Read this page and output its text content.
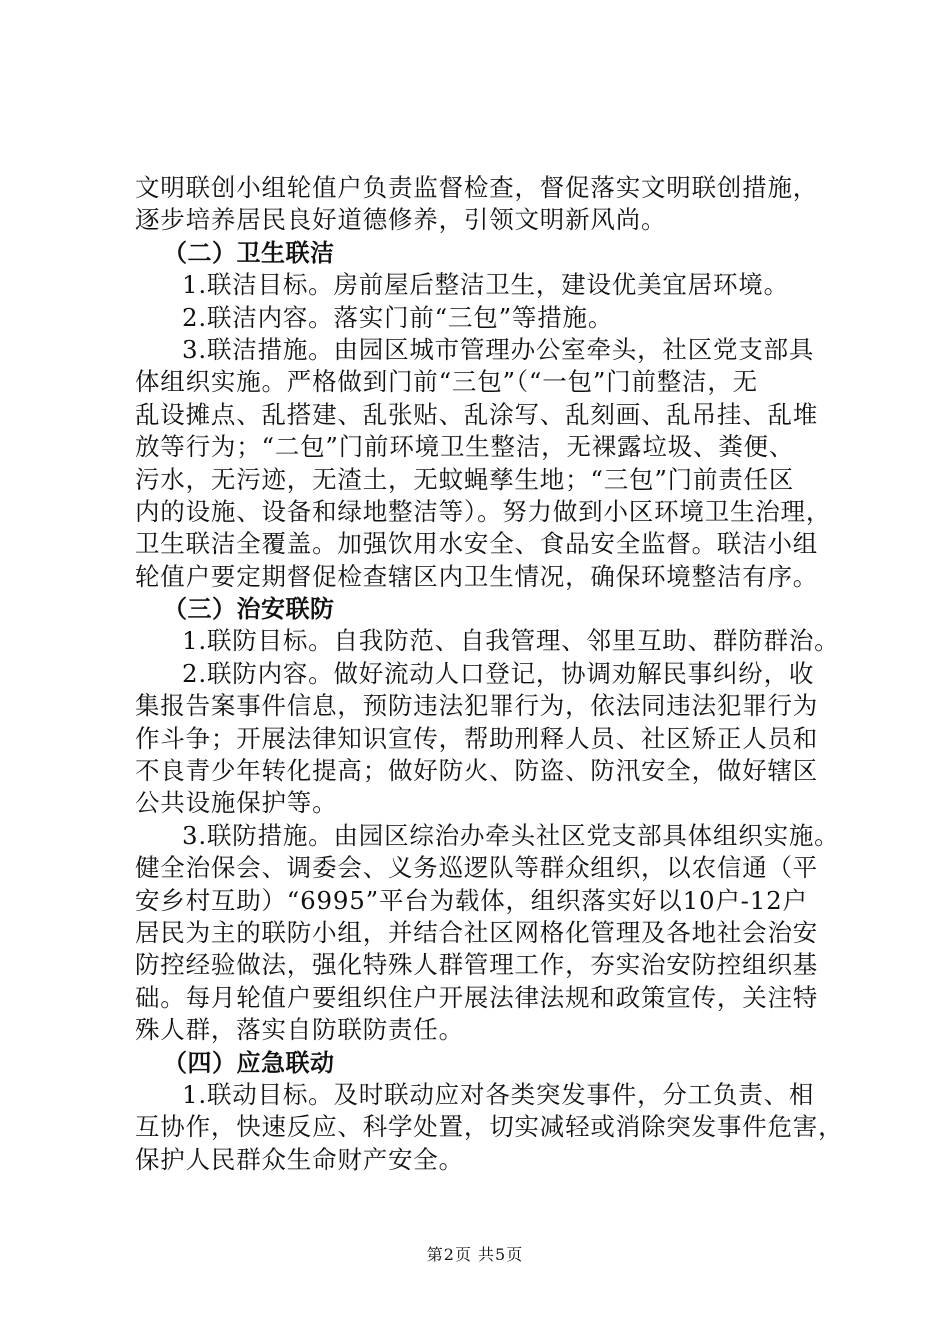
文明联创小组轮值户负责监督检查，督促落实文明联创措施，
逐步培养居民良好道德修养，引领文明新风尚。
（二）卫生联洁
1.联洁目标。房前屋后整洁卫生，建设优美宜居环境。
2.联洁内容。落实门前“三包”等措施。
3.联洁措施。由园区城市管理办公室牵头，社区党支部具
体组织实施。严格做到门前“三包”（“一包”门前整洁，无
乱设摊点、乱搭建、乱张贴、乱涂写、乱刻画、乱吊挂、乱堆
放等行为；“二包”门前环境卫生整洁，无裸露垃圾、粪便、
污水，无污迹，无渣土，无蚊蝇孳生地；“三包”门前责任区
内的设施、设备和绿地整洁等）。努力做到小区环境卫生治理，
卫生联洁全覆盖。加强饮用水安全、食品安全监督。联洁小组
轮值户要定期督促检查辖区内卫生情况，确保环境整洁有序。
（三）治安联防
1.联防目标。自我防范、自我管理、邻里互助、群防群治。
2.联防内容。做好流动人口登记，协调劝解民事纠纷，收
集报告案事件信息，预防违法犯罪行为，依法同违法犯罪行为
作斗争；开展法律知识宣传，帮助刑释人员、社区矫正人员和
不良青少年转化提高；做好防火、防盗、防汛安全，做好辖区
公共设施保护等。
3.联防措施。由园区综治办牵头社区党支部具体组织实施。
健全治保会、调委会、义务巡逻队等群众组织，以农信通（平
安乡村互助）“6995”平台为载体，组织落实好以10户-12户
居民为主的联防小组，并结合社区网格化管理及各地社会治安
防控经验做法，强化特殊人群管理工作，夯实治安防控组织基
础。每月轮值户要组织住户开展法律法规和政策宣传，关注特
殊人群，落实自防联防责任。
（四）应急联动
1.联动目标。及时联动应对各类突发事件，分工负责、相
互协作，快速反应、科学处置，切实减轻或消除突发事件危害，
保护人民群众生命财产安全。
第2页 共5页
